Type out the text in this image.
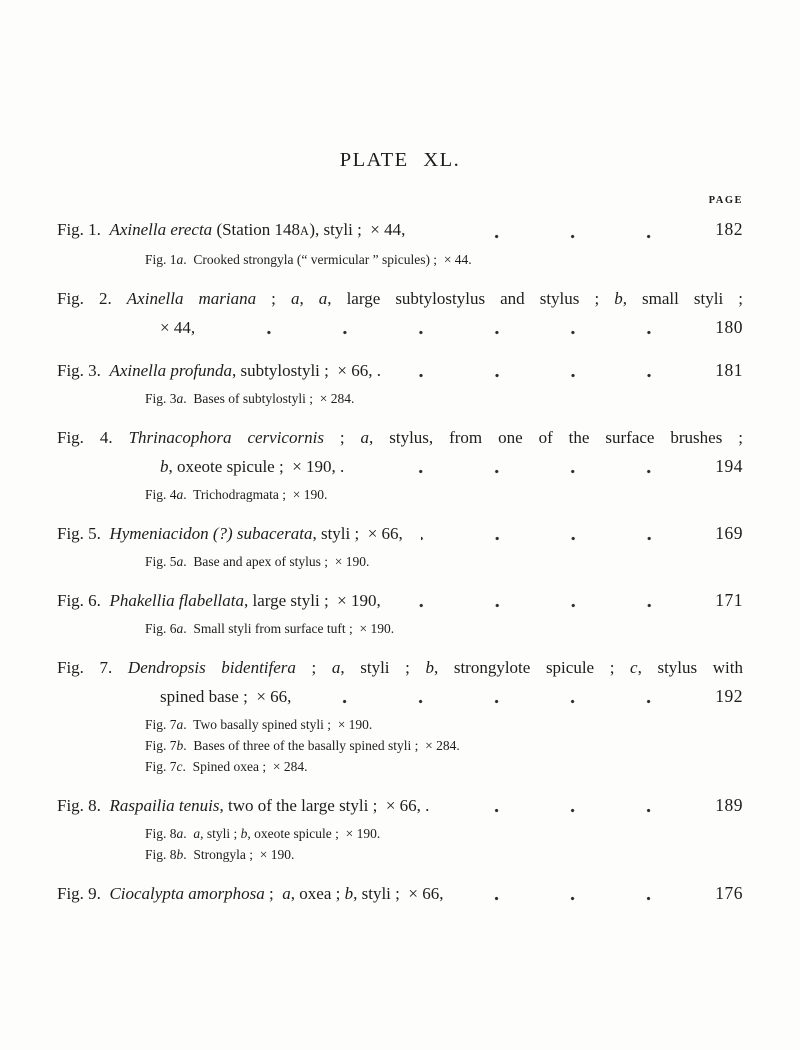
PLATE XL.
PAGE
Fig. 1.  Axinella erecta (Station 148A), styli ;  × 44,	182
Fig. 1a.  Crooked strongyla (“ vermicular ” spicules) ;  × 44.
Fig. 2. Axinella mariana ; a, a, large subtylostylus and stylus ; b, small styli ;
× 44,	180
Fig. 3.  Axinella profunda, subtylostyli ;  × 66, .	181
Fig. 3a.  Bases of subtylostyli ;  × 284.
Fig. 4. Thrinacophora cervicornis ; a, stylus, from one of the surface brushes ;
b, oxeote spicule ;  × 190, .	194
Fig. 4a.  Trichodragmata ;  × 190.
Fig. 5.  Hymeniacidon (?) subacerata, styli ;  × 66,	169
Fig. 5a.  Base and apex of stylus ;  × 190.
Fig. 6.  Phakellia flabellata, large styli ;  × 190,	171
Fig. 6a.  Small styli from surface tuft ;  × 190.
Fig. 7. Dendropsis bidentifera ; a, styli ; b, strongylote spicule ; c, stylus with
spined base ;  × 66,	192
Fig. 7a.  Two basally spined styli ;  × 190.
Fig. 7b.  Bases of three of the basally spined styli ;  × 284.
Fig. 7c.  Spined oxea ;  × 284.
Fig. 8.  Raspailia tenuis, two of the large styli ;  × 66, .	189
Fig. 8a.  a, styli ; b, oxeote spicule ;  × 190.
Fig. 8b.  Strongyla ;  × 190.
Fig. 9.  Ciocalypta amorphosa ;  a, oxea ; b, styli ;  × 66,	176
